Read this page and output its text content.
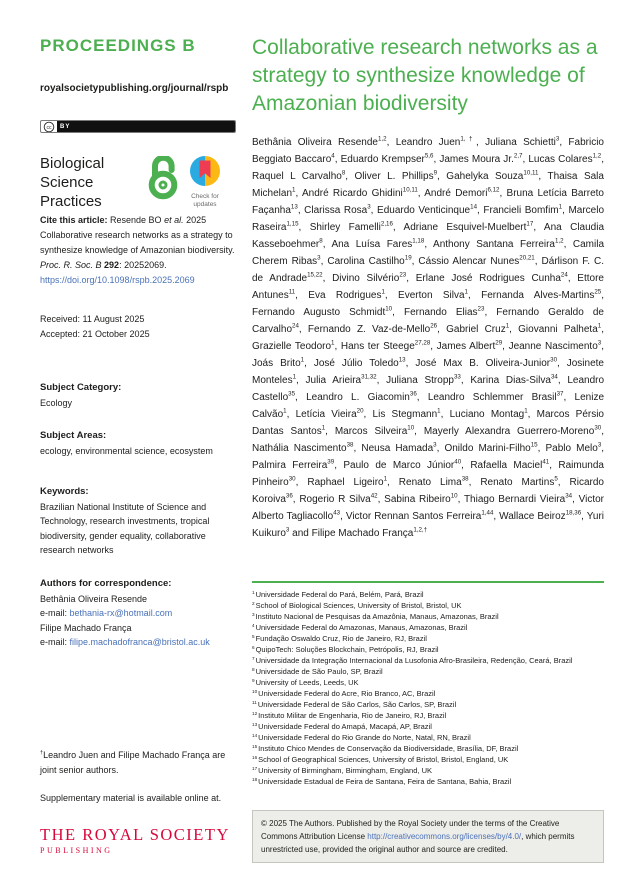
PROCEEDINGS B
royalsocietypublishing.org/journal/rspb
cc	BY
Biological Science
Practices	Check for
updates

Cite this article: Resende BO et al. 2025 Collaborative research networks as a strategy to synthesize knowledge of Amazonian biodiversity. Proc. R. Soc. B 292: 20252069.
https://doi.org/10.1098/rspb.2025.2069

Received: 11 August 2025
Accepted: 21 October 2025

Subject Category:
Ecology
Subject Areas:
ecology, environmental science, ecosystem
Keywords:
Brazilian National Institute of Science and Technology, research investments, tropical biodiversity, gender equality, collaborative research networks
Authors for correspondence:
Bethânia Oliveira Resende
e-mail: bethania-rx@hotmail.com
Filipe Machado França
e-mail: filipe.machadofranca@bristol.ac.uk

†Leandro Juen and Filipe Machado França are joint senior authors.

Supplementary material is available online at.

THE ROYAL SOCIETY
PUBLISHING
Collaborative research networks as a strategy to synthesize knowledge of Amazonian biodiversity

Bethânia Oliveira Resende$^{1,2}$, Leandro Juen$^{1,\dagger}$, Juliana Schietti$^3$, Fabricio Beggiato Baccaro$^4$, Eduardo Krempser$^{5,6}$, James Moura Jr.$^{2,7}$, Lucas Colares$^{1,2}$, Raquel L Carvalho$^8$, Oliver L. Phillips$^9$, Gahelyka Souza$^{10,11}$, Thaisa Sala Michelan$^1$, André Ricardo Ghidini$^{10,11}$, André Demori$^{6,12}$, Bruna Letícia Barreto Façanha$^{13}$, Clarissa Rosa$^3$, Eduardo Venticinque$^{14}$, Francieli Bomfim$^1$, Marcelo Raseira$^{1,15}$, Shirley Famelli$^{2,16}$, Adriane Esquivel-Muelbert$^{17}$, Ana Claudia Kasseboehmer$^8$, Ana Luísa Fares$^{1,18}$, Anthony Santana Ferreira$^{1,2}$, Camila Cherem Ribas$^3$, Carolina Castilho$^{19}$, Cássio Alencar Nunes$^{20,21}$, Dárlison F. C. de Andrade$^{15,22}$, Divino Silvério$^{23}$, Erlane José Rodrigues Cunha$^{24}$, Ettore Antunes$^{11}$, Eva Rodrigues$^1$, Everton Silva$^1$, Fernanda Alves-Martins$^{25}$, Fernando Augusto Schmidt$^{10}$, Fernando Elias$^{23}$, Fernando Geraldo de Carvalho$^{24}$, Fernando Z. Vaz-de-Mello$^{26}$, Gabriel Cruz$^1$, Giovanni Palheta$^1$, Grazielle Teodoro$^1$, Hans ter Steege$^{27,28}$, James Albert$^{29}$, Jeanne Nascimento$^3$, Joás Brito$^1$, José Júlio Toledo$^{13}$, José Max B. Oliveira-Junior$^{30}$, Josinete Monteles$^1$, Julia Arieira$^{31,32}$, Juliana Stropp$^{33}$, Karina Dias-Silva$^{34}$, Leandro Castello$^{35}$, Leandro L. Giacomin$^{36}$, Leandro Schlemmer Brasil$^{37}$, Lenize Calvão$^1$, Letícia Vieira$^{20}$, Lis Stegmann$^1$, Luciano Montag$^1$, Marcos Pérsio Dantas Santos$^1$, Marcos Silveira$^{10}$, Mayerly Alexandra Guerrero-Moreno$^{30}$, Nathália Nascimento$^{38}$, Neusa Hamada$^3$, Onildo Marini-Filho$^{15}$, Pablo Melo$^3$, Palmira Ferreira$^{39}$, Paulo de Marco Júnior$^{40}$, Rafaella Maciel$^{41}$, Raimunda Pinheiro$^{30}$, Raphael Ligeiro$^1$, Renato Lima$^{38}$, Renato Martins$^5$, Ricardo Koroiva$^{36}$, Rogerio R Silva$^{42}$, Sabina Ribeiro$^{10}$, Thiago Bernardi Vieira$^{34}$, Victor Alberto Tagliacollo$^{43}$, Victor Rennan Santos Ferreira$^{1,44}$, Wallace Beiroz$^{18,36}$, Yuri Kuikuro$^3$ and Filipe Machado França$^{1,2,\dagger}$

$^1$Universidade Federal do Pará, Belém, Pará, Brazil
$^2$School of Biological Sciences, University of Bristol, Bristol, UK
$^3$Instituto Nacional de Pesquisas da Amazônia, Manaus, Amazonas, Brazil
$^4$Universidade Federal do Amazonas, Manaus, Amazonas, Brazil
$^5$Fundação Oswaldo Cruz, Rio de Janeiro, RJ, Brazil
$^6$QuipoTech: Soluções Blockchain, Petrópolis, RJ, Brazil
$^7$Universidade da Integração Internacional da Lusofonia Afro-Brasileira, Redenção, Ceará, Brazil
$^8$Universidade de São Paulo, SP, Brazil
$^9$University of Leeds, Leeds, UK
$^{10}$Universidade Federal do Acre, Rio Branco, AC, Brazil
$^{11}$Universidade Federal de São Carlos, São Carlos, SP, Brazil
$^{12}$Instituto Militar de Engenharia, Rio de Janeiro, RJ, Brazil
$^{13}$Universidade Federal do Amapá, Macapá, AP, Brazil
$^{14}$Universidade Federal do Rio Grande do Norte, Natal, RN, Brazil
$^{15}$Instituto Chico Mendes de Conservação da Biodiversidade, Brasília, DF, Brazil
$^{16}$School of Geographical Sciences, University of Bristol, Bristol, England, UK
$^{17}$University of Birmingham, Birmingham, England, UK
$^{18}$Universidade Estadual de Feira de Santana, Feira de Santana, Bahia, Brazil
© 2025 The Authors. Published by the Royal Society under the terms of the Creative Commons Attribution License http://creativecommons.org/licenses/by/4.0/, which permits unrestricted use, provided the original author and source are credited.
